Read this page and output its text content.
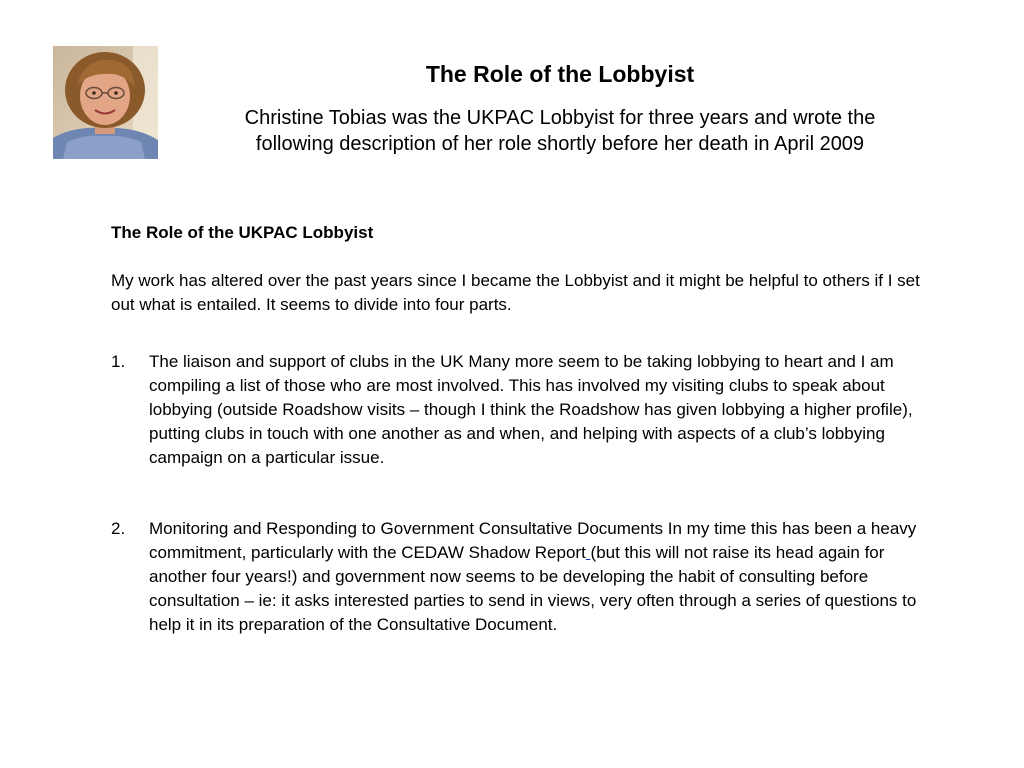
The Role of the Lobbyist
Christine Tobias was the UKPAC Lobbyist for three years and wrote the
following description of her role shortly before her death in April 2009
The Role of the UKPAC Lobbyist
My work has altered over the past years since I became the Lobbyist and it might be helpful to others if I set out what is entailed. It seems to divide into four parts.
1. The liaison and support of clubs in the UK Many more seem to be taking lobbying to heart and I am compiling a list of those who are most involved. This has involved my visiting clubs to speak about lobbying (outside Roadshow visits – though I think the Roadshow has given lobbying a higher profile), putting clubs in touch with one another as and when, and helping with aspects of a club’s lobbying campaign on a particular issue.
2. Monitoring and Responding to Government Consultative Documents In my time this has been a heavy commitment, particularly with the CEDAW Shadow Report (but this will not raise its head again for another four years!) and government now seems to be developing the habit of consulting before consultation – ie: it asks interested parties to send in views, very often through a series of questions to help it in its preparation of the Consultative Document.
